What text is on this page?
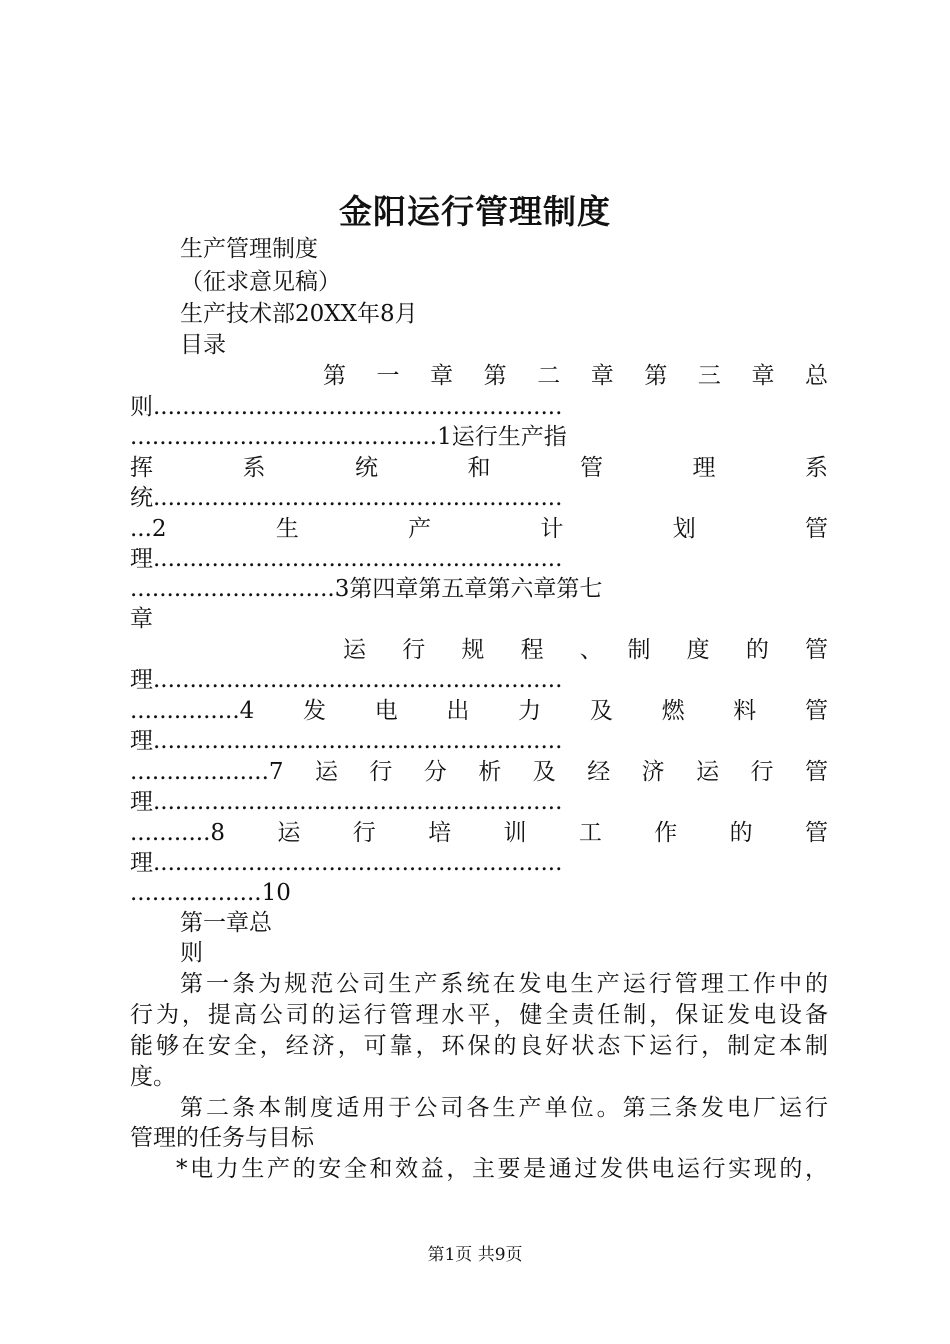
金阳运行管理制度
生产管理制度
（征求意见稿）
生产技术部20XX年8月
目录
第　一　章　第　二　章　第　三　章　总
则........................................................
..........................................1运行生产指
挥　系　统　和　管　理　系
统........................................................
...2　生　产　计　划　管
理........................................................
............................3第四章第五章第六章第七
章
运　行　规　程　、　制　度　的　管
理........................................................
...............4　发　电　出　力　及　燃　料　管
理........................................................
...................7　运　行　分　析　及　经　济　运　行　管
理........................................................
...........8　运　行　培　训　工　作　的　管
理........................................................
..................10
第一章总
则
第一条为规范公司生产系统在发电生产运行管理工作中的
行为，提高公司的运行管理水平，健全责任制，保证发电设备
能够在安全，经济，可靠，环保的良好状态下运行，制定本制
度。
第二条本制度适用于公司各生产单位。第三条发电厂运行
管理的任务与目标
*电力生产的安全和效益，主要是通过发供电运行实现的，
第1页 共9页
